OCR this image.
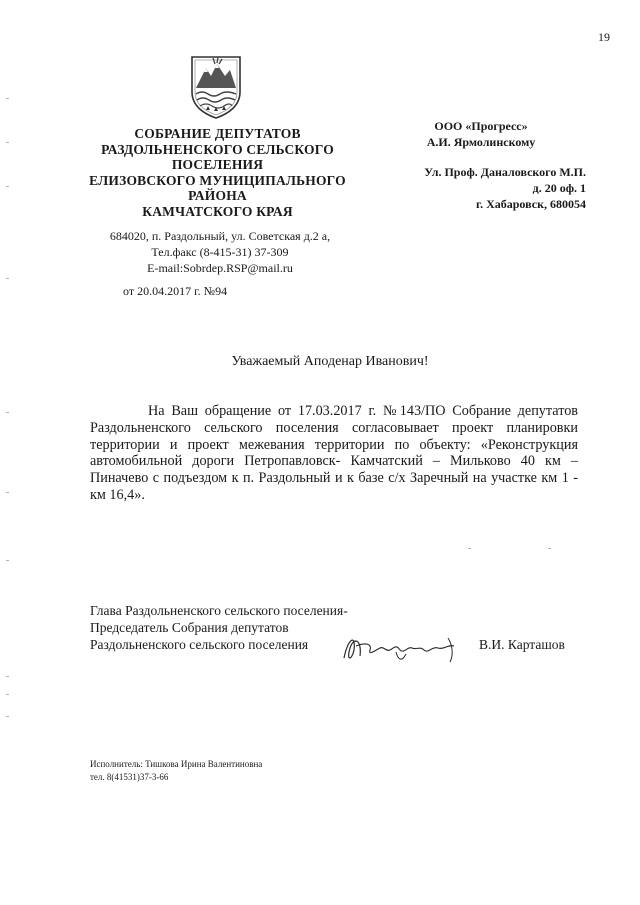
19
СОБРАНИЕ ДЕПУТАТОВ
РАЗДОЛЬНЕНСКОГО СЕЛЬСКОГО
ПОСЕЛЕНИЯ
ЕЛИЗОВСКОГО МУНИЦИПАЛЬНОГО
РАЙОНА
КАМЧАТСКОГО КРАЯ
684020, п. Раздольный, ул. Советская д.2 а,
Тел.факс (8-415-31) 37-309
E-mail:Sobrdep.RSP@mail.ru
от 20.04.2017 г. №94
ООО «Прогресс»
А.И. Ярмолинскому
Ул. Проф. Даналовского М.П.
д. 20 оф. 1
г. Хабаровск, 680054
Уважаемый Аподенар Иванович!

На Ваш обращение от 17.03.2017 г. №143/ПО Собрание депутатов Раздольненского сельского поселения согласовывает проект планировки территории и проект межевания территории по объекту: «Реконструкция автомобильной дороги Петропавловск- Камчатский – Мильково 40 км – Пиначево с подъездом к п. Раздольный и к базе с/х Заречный на участке км 1 - км 16,4».

Глава Раздольненского сельского поселения-
Председатель Собрания депутатов
Раздольненского сельского поселения	В.И. Карташов
Исполнитель: Тишкова Ирина Валентиновна
тел. 8(41531)37-3-66
